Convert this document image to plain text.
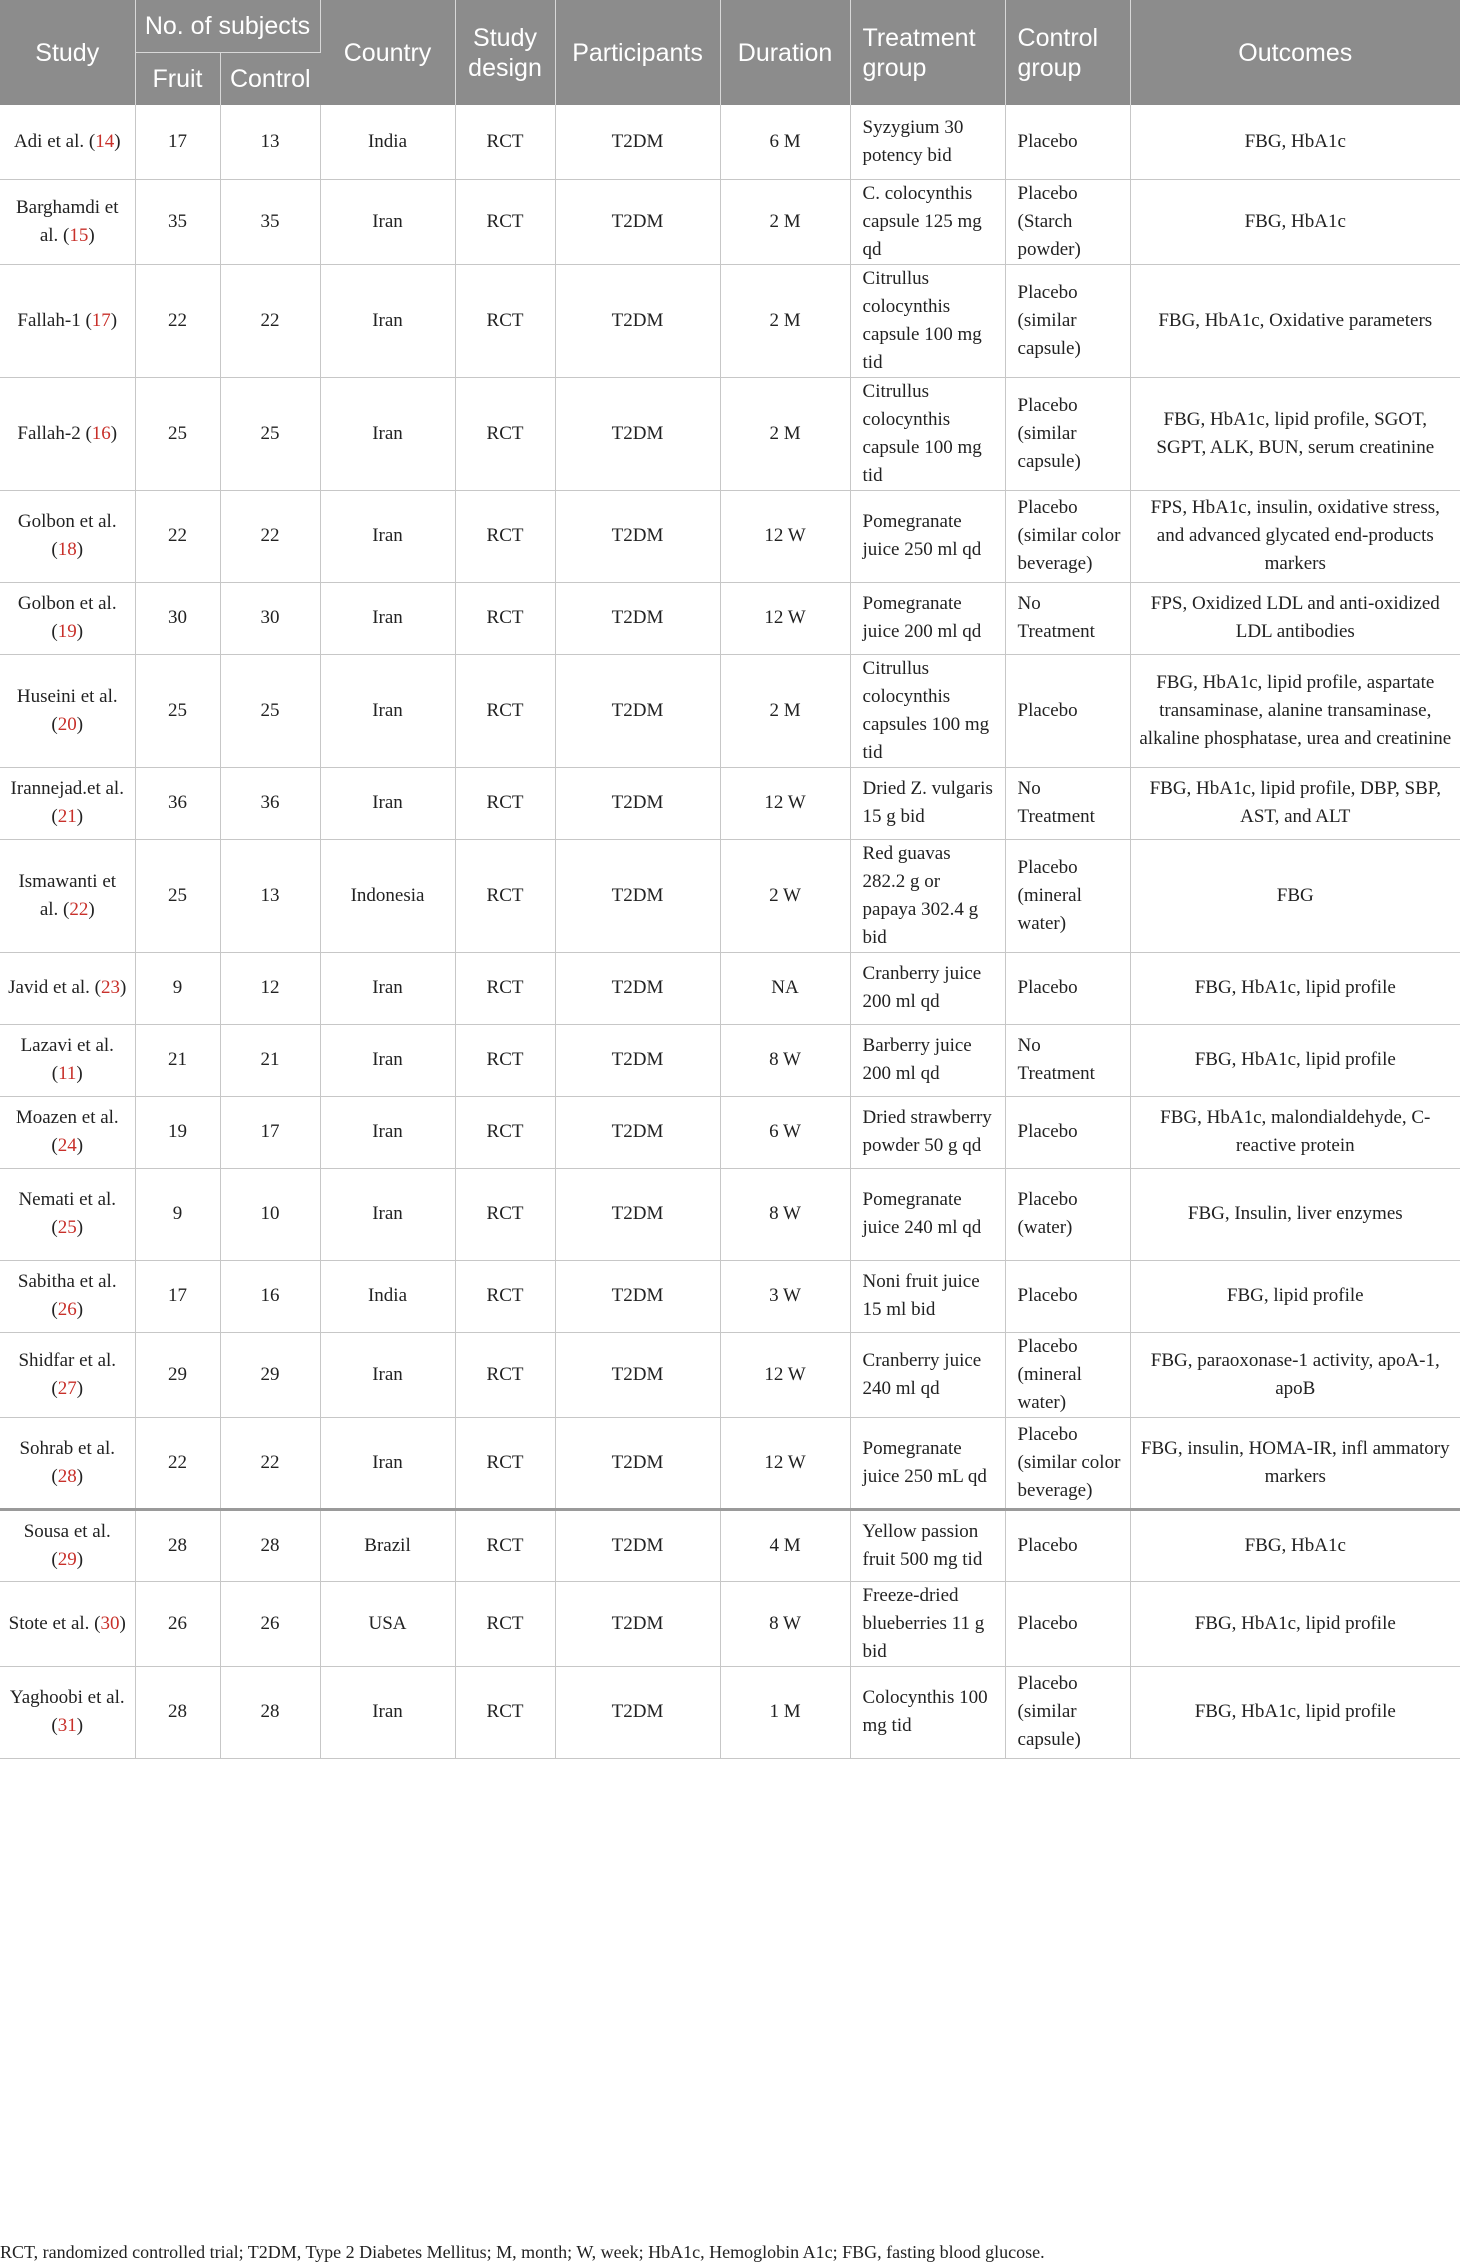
Study	No. of subjects		Country	Study design	Participants	Duration	Treatment group	Control group	Outcomes
	Fruit	Control							
Adi et al. (14)	17	13	India	RCT	T2DM	6 M	Syzygium 30 potency bid	Placebo	FBG, HbA1c
Barghamdi et al. (15)	35	35	Iran	RCT	T2DM	2 M	C. colocynthis capsule 125 mg qd	Placebo (Starch powder)	FBG, HbA1c
Fallah-1 (17)	22	22	Iran	RCT	T2DM	2 M	Citrullus colocynthis capsule 100 mg tid	Placebo (similar capsule)	FBG, HbA1c, Oxidative parameters
Fallah-2 (16)	25	25	Iran	RCT	T2DM	2 M	Citrullus colocynthis capsule 100 mg tid	Placebo (similar capsule)	FBG, HbA1c, lipid profile, SGOT, SGPT, ALK, BUN, serum creatinine
Golbon et al. (18)	22	22	Iran	RCT	T2DM	12 W	Pomegranate juice 250 ml qd	Placebo (similar color beverage)	FPS, HbA1c, insulin, oxidative stress, and advanced glycated end-products markers
Golbon et al. (19)	30	30	Iran	RCT	T2DM	12 W	Pomegranate juice 200 ml qd	No Treatment	FPS, Oxidized LDL and anti-oxidized LDL antibodies
Huseini et al. (20)	25	25	Iran	RCT	T2DM	2 M	Citrullus colocynthis capsules 100 mg tid	Placebo	FBG, HbA1c, lipid profile, aspartate transaminase, alanine transaminase, alkaline phosphatase, urea and creatinine
Irannejad.et al. (21)	36	36	Iran	RCT	T2DM	12 W	Dried Z. vulgaris 15 g bid	No Treatment	FBG, HbA1c, lipid profile, DBP, SBP, AST, and ALT
Ismawanti et al. (22)	25	13	Indonesia	RCT	T2DM	2 W	Red guavas 282.2 g or papaya 302.4 g bid	Placebo (mineral water)	FBG
Javid et al. (23)	9	12	Iran	RCT	T2DM	NA	Cranberry juice 200 ml qd	Placebo	FBG, HbA1c, lipid profile
Lazavi et al. (11)	21	21	Iran	RCT	T2DM	8 W	Barberry juice 200 ml qd	No Treatment	FBG, HbA1c, lipid profile
Moazen et al. (24)	19	17	Iran	RCT	T2DM	6 W	Dried strawberry powder 50 g qd	Placebo	FBG, HbA1c, malondialdehyde, C-reactive protein
Nemati et al. (25)	9	10	Iran	RCT	T2DM	8 W	Pomegranate juice 240 ml qd	Placebo (water)	FBG, Insulin, liver enzymes
Sabitha et al. (26)	17	16	India	RCT	T2DM	3 W	Noni fruit juice 15 ml bid	Placebo	FBG, lipid profile
Shidfar et al. (27)	29	29	Iran	RCT	T2DM	12 W	Cranberry juice 240 ml qd	Placebo (mineral water)	FBG, paraoxonase-1 activity, apoA-1, apoB
Sohrab et al. (28)	22	22	Iran	RCT	T2DM	12 W	Pomegranate juice 250 mL qd	Placebo (similar color beverage)	FBG, insulin, HOMA-IR, infl ammatory markers
Sousa et al. (29)	28	28	Brazil	RCT	T2DM	4 M	Yellow passion fruit 500 mg tid	Placebo	FBG, HbA1c
Stote et al. (30)	26	26	USA	RCT	T2DM	8 W	Freeze-dried blueberries 11 g bid	Placebo	FBG, HbA1c, lipid profile
Yaghoobi et al. (31)	28	28	Iran	RCT	T2DM	1 M	Colocynthis 100 mg tid	Placebo (similar capsule)	FBG, HbA1c, lipid profile
RCT, randomized controlled trial; T2DM, Type 2 Diabetes Mellitus; M, month; W, week; HbA1c, Hemoglobin A1c; FBG, fasting blood glucose.
